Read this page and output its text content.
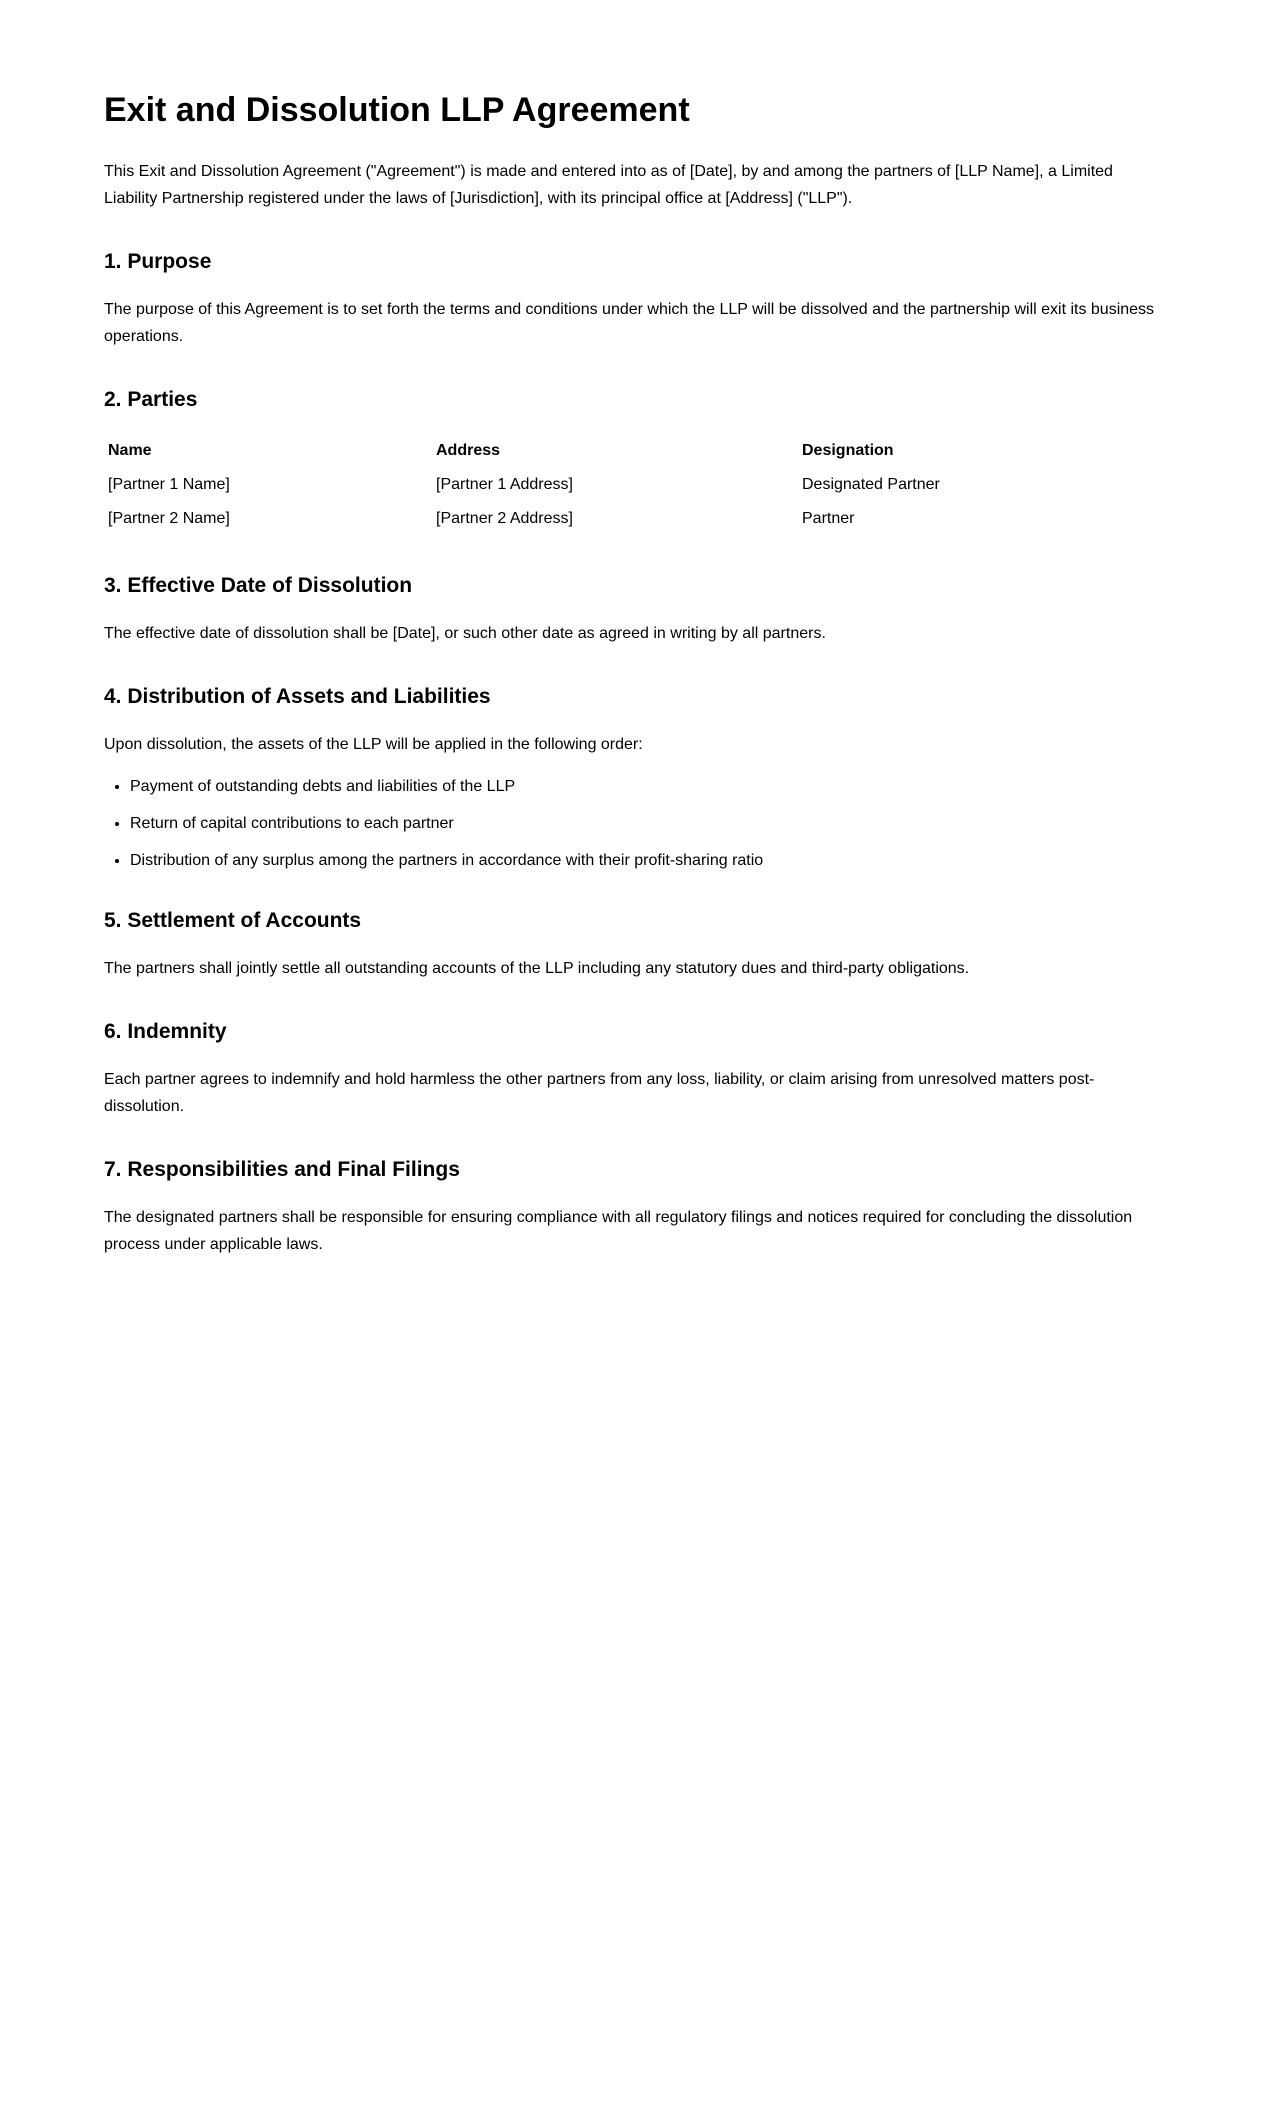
Exit and Dissolution LLP Agreement

This Exit and Dissolution Agreement ("Agreement") is made and entered into as of [Date], by and among the partners of [LLP Name], a Limited Liability Partnership registered under the laws of [Jurisdiction], with its principal office at [Address] ("LLP").

1. Purpose

The purpose of this Agreement is to set forth the terms and conditions under which the LLP will be dissolved and the partnership will exit its business operations.

2. Parties
Name	Address	Designation
[Partner 1 Name]	[Partner 1 Address]	Designated Partner
[Partner 2 Name]	[Partner 2 Address]	Partner
3. Effective Date of Dissolution

The effective date of dissolution shall be [Date], or such other date as agreed in writing by all partners.

4. Distribution of Assets and Liabilities

Upon dissolution, the assets of the LLP will be applied in the following order:

• Payment of outstanding debts and liabilities of the LLP
• Return of capital contributions to each partner
• Distribution of any surplus among the partners in accordance with their profit-sharing ratio
5. Settlement of Accounts

The partners shall jointly settle all outstanding accounts of the LLP including any statutory dues and third-party obligations.

6. Indemnity

Each partner agrees to indemnify and hold harmless the other partners from any loss, liability, or claim arising from unresolved matters post-dissolution.

7. Responsibilities and Final Filings

The designated partners shall be responsible for ensuring compliance with all regulatory filings and notices required for concluding the dissolution process under applicable laws.
